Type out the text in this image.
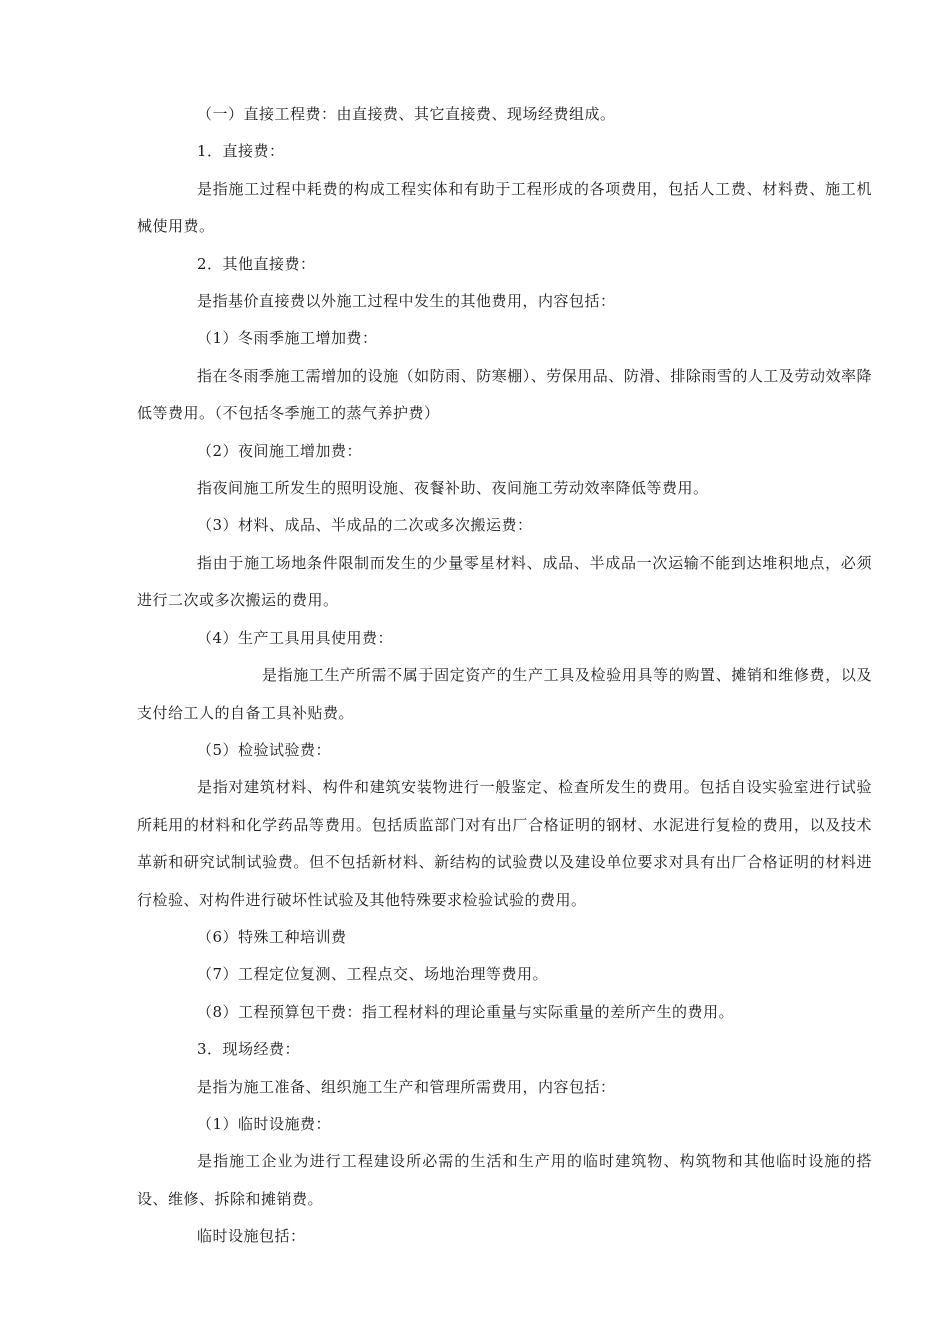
（一）直接工程费：由直接费、其它直接费、现场经费组成。

1．直接费：

是指施工过程中耗费的构成工程实体和有助于工程形成的各项费用，包括人工费、材料费、施工机械使用费。

2．其他直接费：

是指基价直接费以外施工过程中发生的其他费用，内容包括：

（1）冬雨季施工增加费：

指在冬雨季施工需增加的设施（如防雨、防寒棚）、劳保用品、防滑、排除雨雪的人工及劳动效率降低等费用。（不包括冬季施工的蒸气养护费）

（2）夜间施工增加费：

指夜间施工所发生的照明设施、夜餐补助、夜间施工劳动效率降低等费用。

（3）材料、成品、半成品的二次或多次搬运费：

指由于施工场地条件限制而发生的少量零星材料、成品、半成品一次运输不能到达堆积地点，必须进行二次或多次搬运的费用。

（4）生产工具用具使用费：

是指施工生产所需不属于固定资产的生产工具及检验用具等的购置、摊销和维修费，以及支付给工人的自备工具补贴费。

（5）检验试验费：

是指对建筑材料、构件和建筑安装物进行一般鉴定、检查所发生的费用。包括自设实验室进行试验所耗用的材料和化学药品等费用。包括质监部门对有出厂合格证明的钢材、水泥进行复检的费用，以及技术革新和研究试制试验费。但不包括新材料、新结构的试验费以及建设单位要求对具有出厂合格证明的材料进行检验、对构件进行破坏性试验及其他特殊要求检验试验的费用。

（6）特殊工种培训费

（7）工程定位复测、工程点交、场地治理等费用。

（8）工程预算包干费：指工程材料的理论重量与实际重量的差所产生的费用。

3．现场经费：

是指为施工准备、组织施工生产和管理所需费用，内容包括：

（1）临时设施费：

是指施工企业为进行工程建设所必需的生活和生产用的临时建筑物、构筑物和其他临时设施的搭设、维修、拆除和摊销费。

临时设施包括：
